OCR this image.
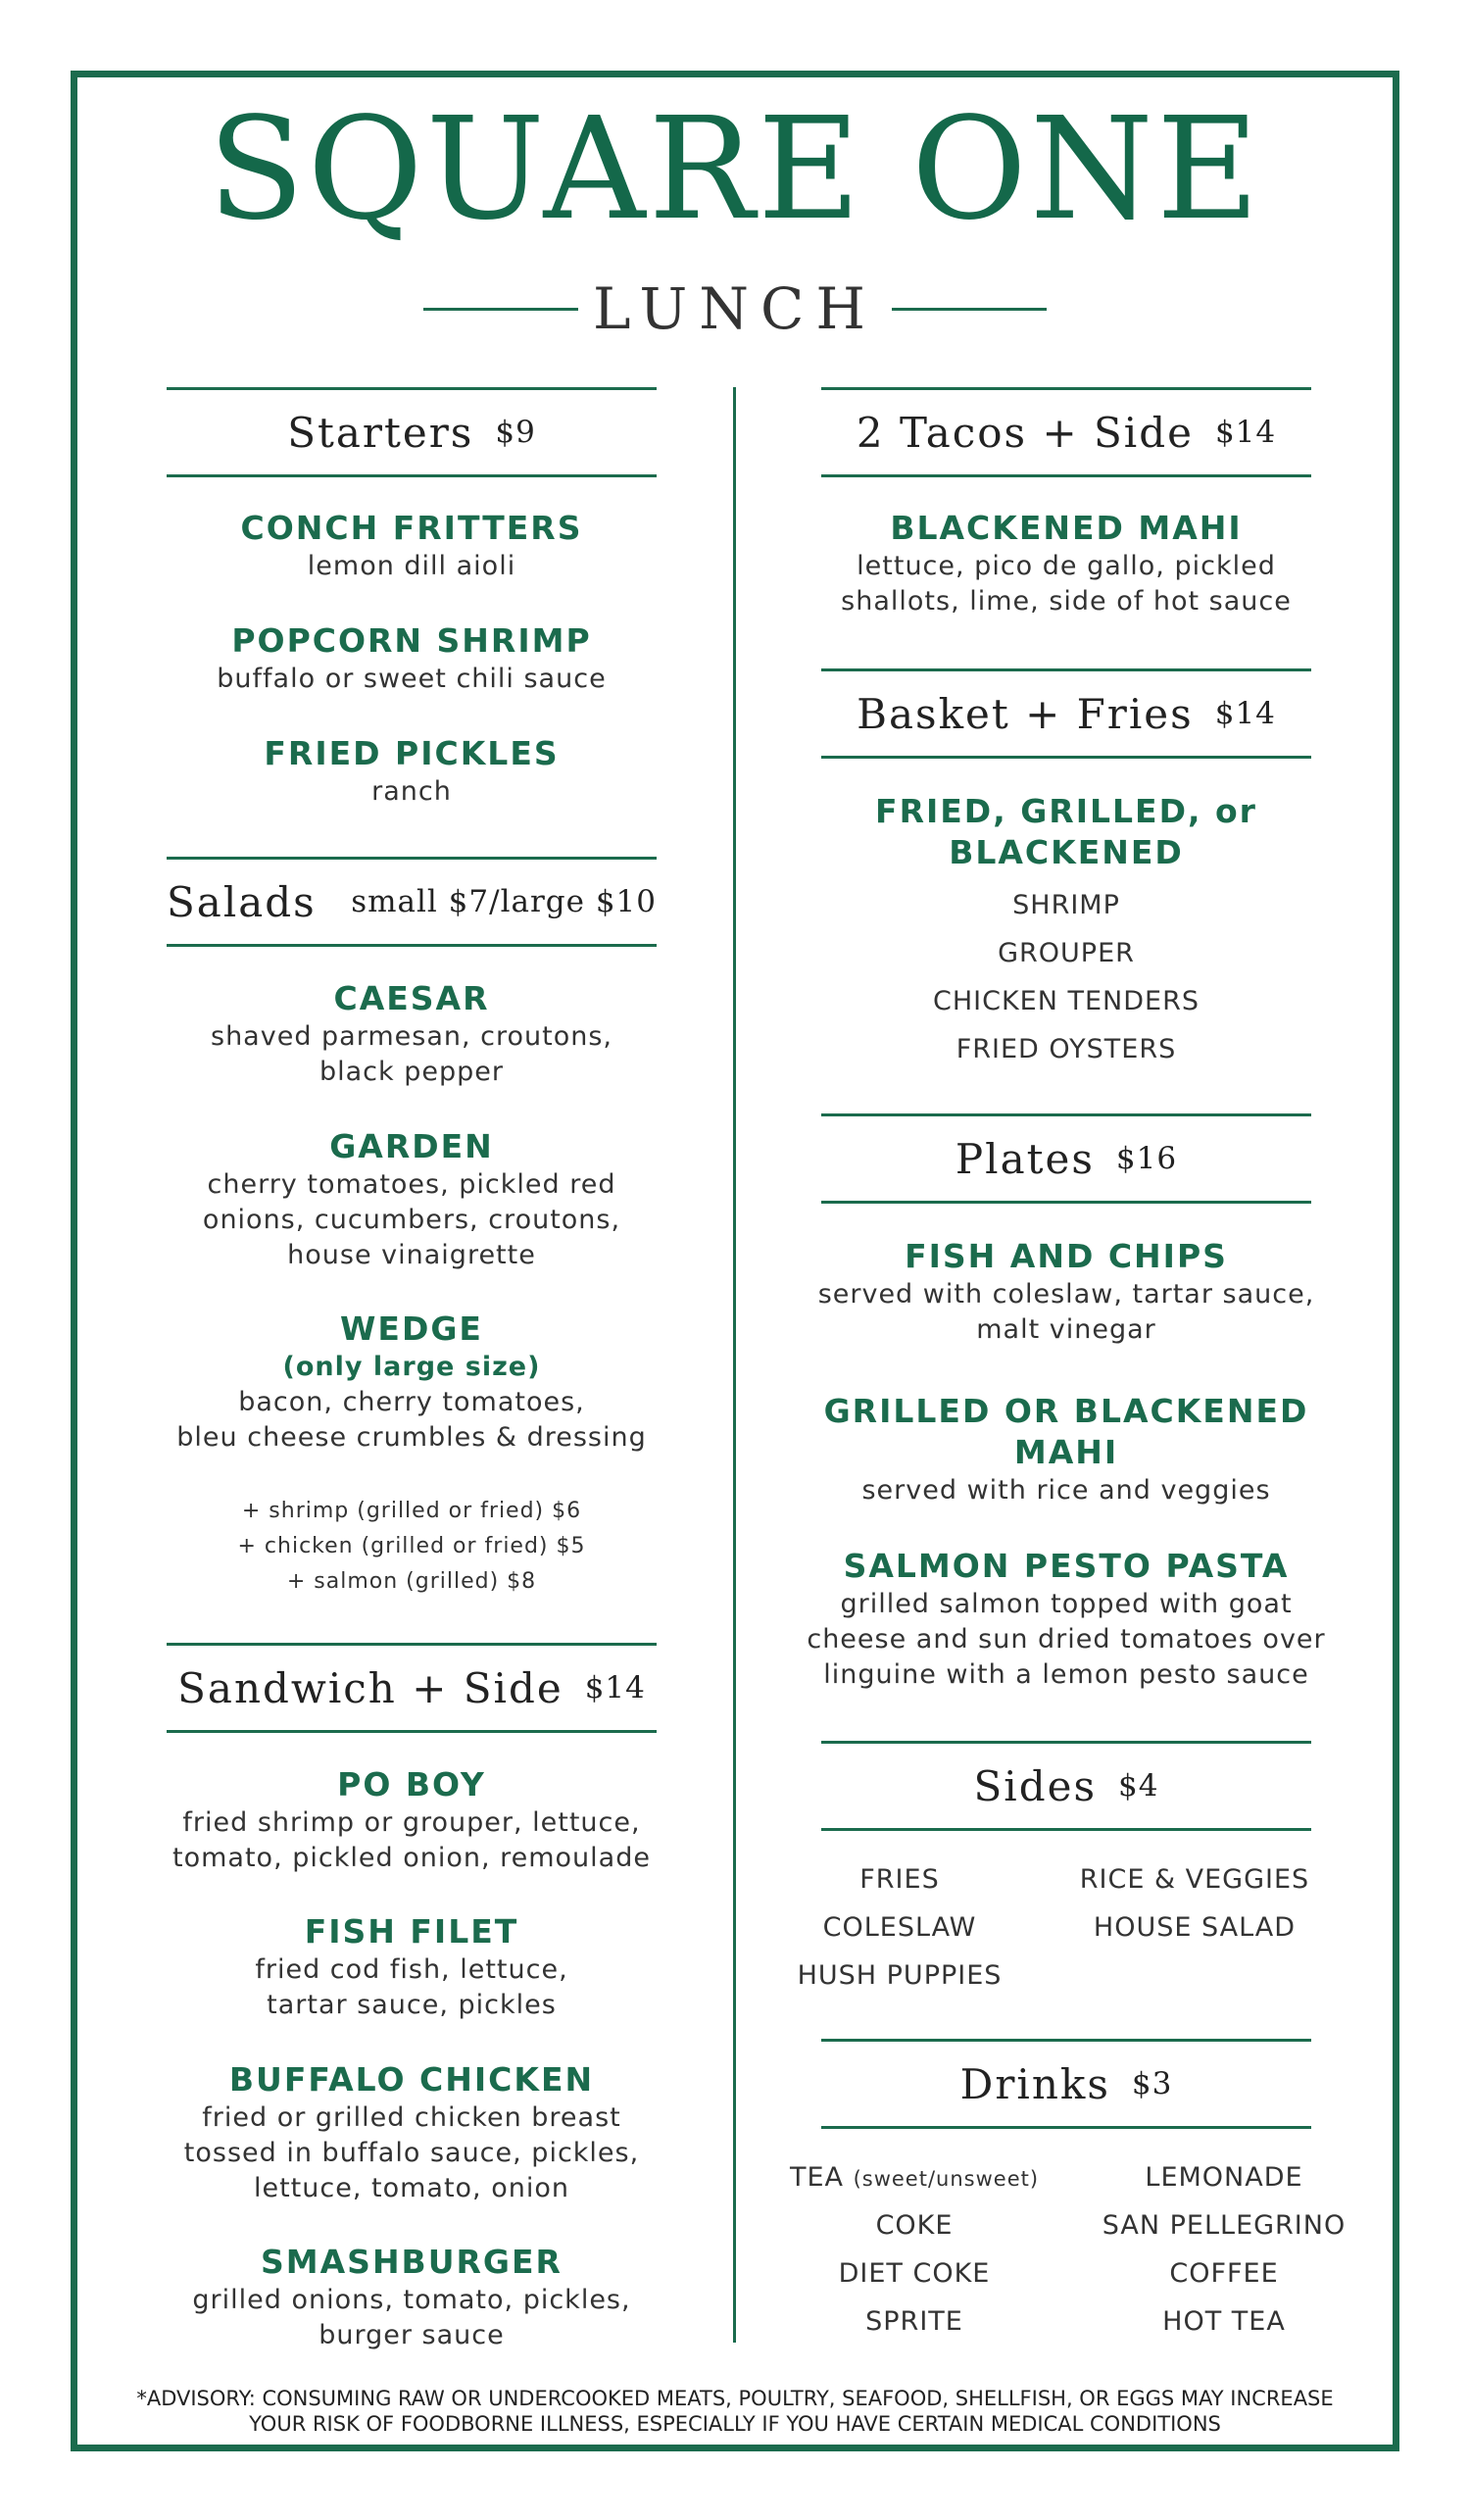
SQUARE ONE
LUNCH
Starters $9
CONCH FRITTERS
lemon dill aioli
POPCORN SHRIMP
buffalo or sweet chili sauce
FRIED PICKLES
ranch
Salads small $7/large $10
CAESAR
shaved parmesan, croutons,
black pepper
GARDEN
cherry tomatoes, pickled red
onions, cucumbers, croutons,
house vinaigrette
WEDGE
(only large size)
bacon, cherry tomatoes,
bleu cheese crumbles & dressing
+ shrimp (grilled or fried) $6
+ chicken (grilled or fried) $5
+ salmon (grilled) $8
Sandwich + Side $14
PO BOY
fried shrimp or grouper, lettuce,
tomato, pickled onion, remoulade
FISH FILET
fried cod fish, lettuce,
tartar sauce, pickles
BUFFALO CHICKEN
fried or grilled chicken breast
tossed in buffalo sauce, pickles,
lettuce, tomato, onion
SMASHBURGER
grilled onions, tomato, pickles,
burger sauce
2 Tacos + Side $14
BLACKENED MAHI
lettuce, pico de gallo, pickled
shallots, lime, side of hot sauce
Basket + Fries $14
FRIED, GRILLED, or
BLACKENED
SHRIMP
GROUPER
CHICKEN TENDERS
FRIED OYSTERS
Plates $16
FISH AND CHIPS
served with coleslaw, tartar sauce,
malt vinegar
GRILLED OR BLACKENED
MAHI
served with rice and veggies
SALMON PESTO PASTA
grilled salmon topped with goat
cheese and sun dried tomatoes over
linguine with a lemon pesto sauce
Sides $4
FRIES
COLESLAW
HUSH PUPPIES
RICE & VEGGIES
HOUSE SALAD
Drinks $3
TEA (sweet/unsweet)
COKE
DIET COKE
SPRITE
LEMONADE
SAN PELLEGRINO
COFFEE
HOT TEA
*ADVISORY: CONSUMING RAW OR UNDERCOOKED MEATS, POULTRY, SEAFOOD, SHELLFISH, OR EGGS MAY INCREASE
YOUR RISK OF FOODBORNE ILLNESS, ESPECIALLY IF YOU HAVE CERTAIN MEDICAL CONDITIONS
